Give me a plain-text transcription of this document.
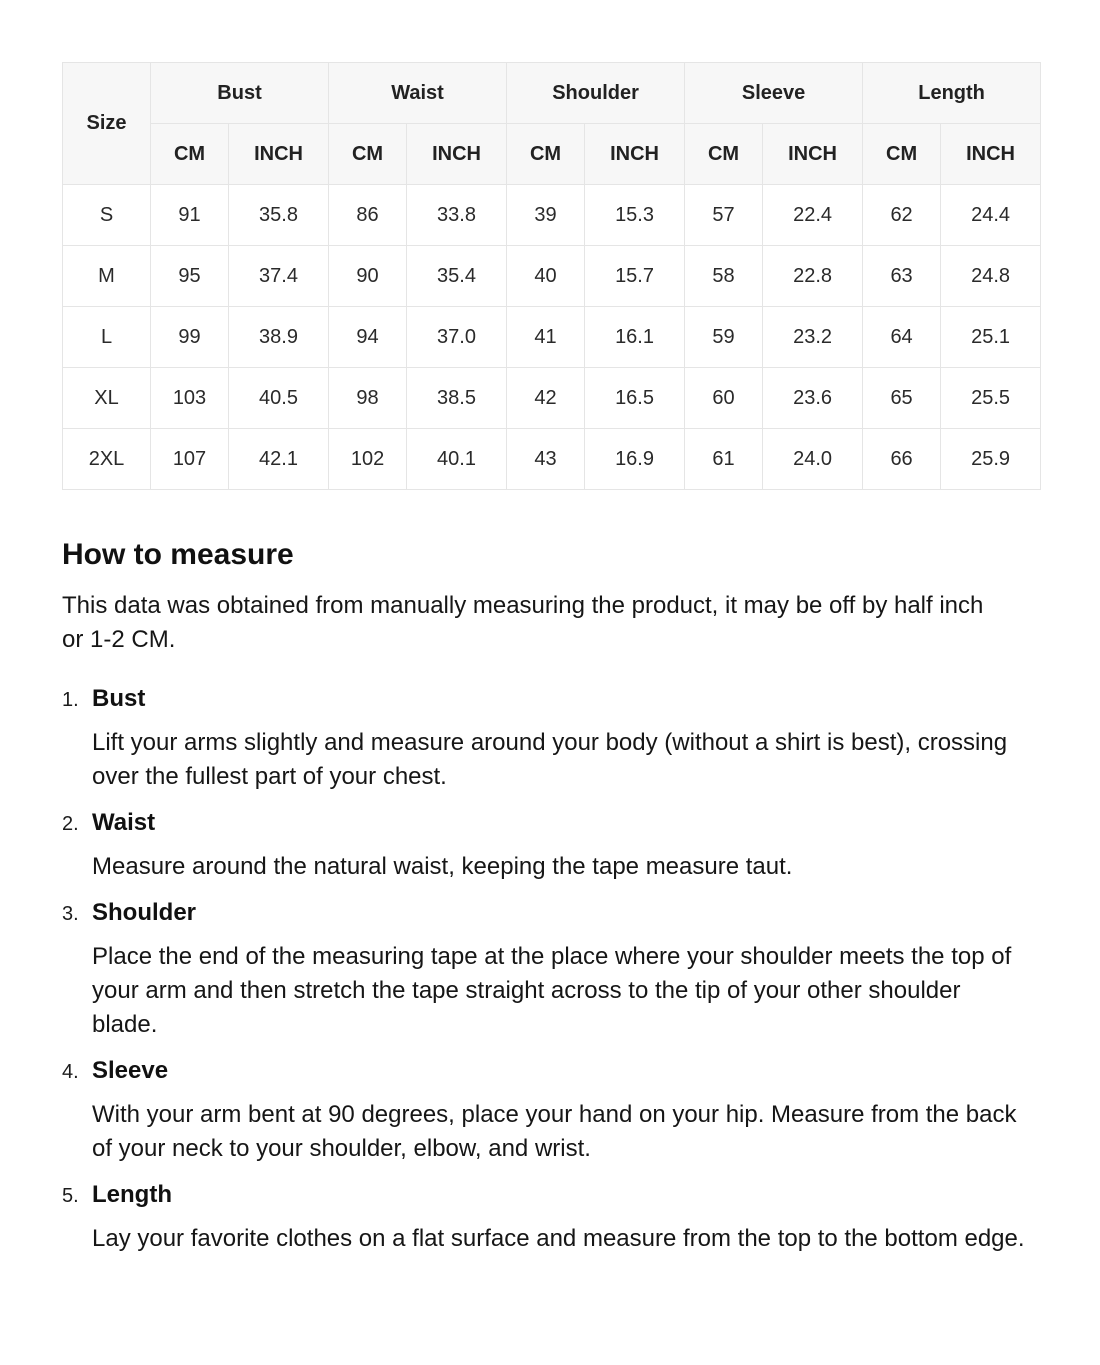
Size	Bust		Waist		Shoulder		Sleeve		Length	
	CM	INCH	CM	INCH	CM	INCH	CM	INCH	CM	INCH
S	91	35.8	86	33.8	39	15.3	57	22.4	62	24.4
M	95	37.4	90	35.4	40	15.7	58	22.8	63	24.8
L	99	38.9	94	37.0	41	16.1	59	23.2	64	25.1
XL	103	40.5	98	38.5	42	16.5	60	23.6	65	25.5
2XL	107	42.1	102	40.1	43	16.9	61	24.0	66	25.9
How to measure

This data was obtained from manually measuring the product, it may be off by half inch or 1-2 CM.

1. Bust

Lift your arms slightly and measure around your body (without a shirt is best), crossing over the fullest part of your chest.

2. Waist

Measure around the natural waist, keeping the tape measure taut.

3. Shoulder

Place the end of the measuring tape at the place where your shoulder meets the top of your arm and then stretch the tape straight across to the tip of your other shoulder blade.

4. Sleeve

With your arm bent at 90 degrees, place your hand on your hip. Measure from the back of your neck to your shoulder, elbow, and wrist.

5. Length

Lay your favorite clothes on a flat surface and measure from the top to the bottom edge.
